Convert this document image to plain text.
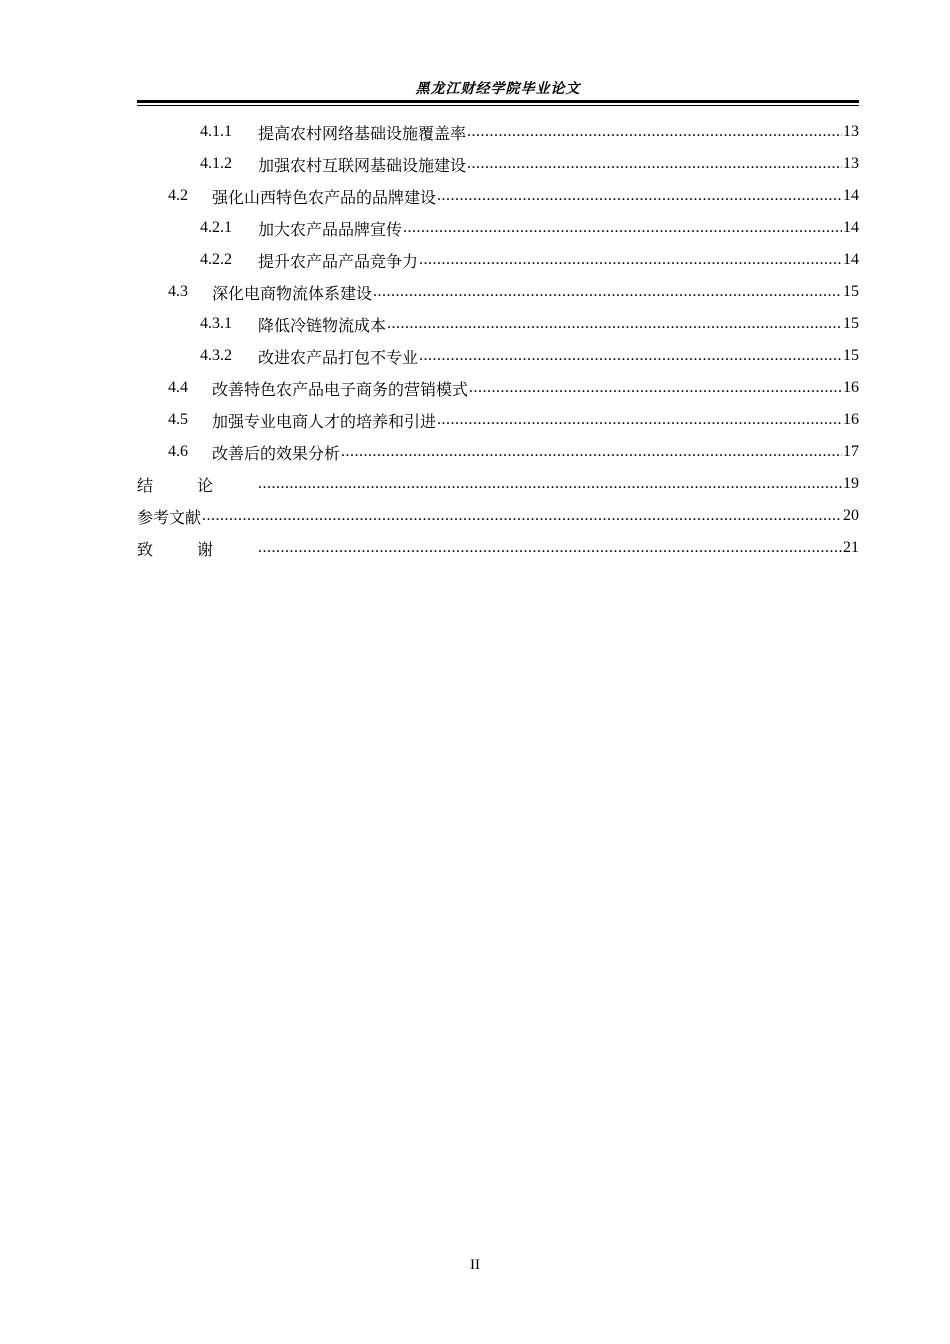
黑龙江财经学院毕业论文
4.1.1	提高农村网络基础设施覆盖率 .....	13
4.1.2	加强农村互联网基础设施建设 .....	13
4.2	强化山西特色农产品的品牌建设 .....	14
4.2.1	加大农产品品牌宣传 .....	14
4.2.2	提升农产品产品竞争力 .....	14
4.3	深化电商物流体系建设 .....	15
4.3.1	降低冷链物流成本 .....	15
4.3.2	改进农产品打包不专业 .....	15
4.4	改善特色农产品电子商务的营销模式 .....	16
4.5	加强专业电商人才的培养和引进 .....	16
4.6	改善后的效果分析 .....	17
结论 .....	19
参考文献 .....	20
致谢 .....	21
II
